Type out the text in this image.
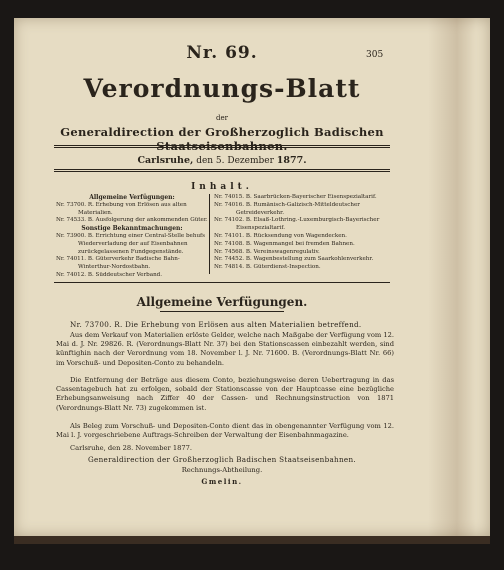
305
Nr. 69.
Verordnungs-Blatt
der
Generaldirection der Großherzoglich Badischen Staatseisenbahnen.
Carlsruhe, den 5. Dezember 1877.
Inhalt.
Allgemeine Verfügungen:
Nr. 73700. R. Erhebung von Erlösen aus alten Materialien.
Nr. 74533. B. Ausfolgerung der ankommenden Güter.
Sonstige Bekanntmachungen:
Nr. 73900. B. Errichtung einer Central-Stelle behufs Wiederverladung der auf Eisenbahnen zurückgelassenen Fundgegenstände.
Nr. 74011. B. Güterverkehr Badische Bahn-Winterthur-Nordostbahn.
Nr. 74012. B. Süddeutscher Verband.
Nr. 74015. B. Saarbrücken-Bayerischer Eisenspezialtarif.
Nr. 74016. B. Rumänisch-Galizisch-Mitteldeutscher Getreideverkehr.
Nr. 74102. B. Elsaß-Lothring.-Luxemburgisch-Bayerischer Eisenspezialtarif.
Nr. 74101. B. Rücksendung von Wagendecken.
Nr. 74108. B. Wagenmangel bei fremden Bahnen.
Nr. 74568. B. Vereinswagenregulativ.
Nr. 74452. B. Wagenbestellung zum Saarkohlenverkehr.
Nr. 74814. B. Güterdienst-Inspection.
Allgemeine Verfügungen.
Nr. 73700. R. Die Erhebung von Erlösen aus alten Materialien betreffend.
Aus dem Verkauf von Materialien erlöste Gelder, welche nach Maßgabe der Verfügung vom 12. Mai d. J. Nr. 29826. R. (Verordnungs-Blatt Nr. 37) bei den Stationscassen einbezahlt werden, sind künftighin nach der Verordnung vom 18. November l. J. Nr. 71600. B. (Verordnungs-Blatt Nr. 66) im Vorschuß- und Depositen-Conto zu behandeln.
Die Entfernung der Beträge aus diesem Conto, beziehungsweise deren Uebertragung in das Cassentagebuch hat zu erfolgen, sobald der Stationscasse von der Hauptcasse eine bezügliche Erhebungsanweisung nach Ziffer 40 der Cassen- und Rechnungsinstruction von 1871 (Verordnungs-Blatt Nr. 73) zugekommen ist.
Als Beleg zum Vorschuß- und Depositen-Conto dient das in obengenannter Verfügung vom 12. Mai l. J. vorgeschriebene Auftrags-Schreiben der Verwaltung der Eisenbahnmagazine.
Carlsruhe, den 28. November 1877.
Generaldirection der Großherzoglich Badischen Staatseisenbahnen.
Rechnungs-Abtheilung.
Gmelin.
